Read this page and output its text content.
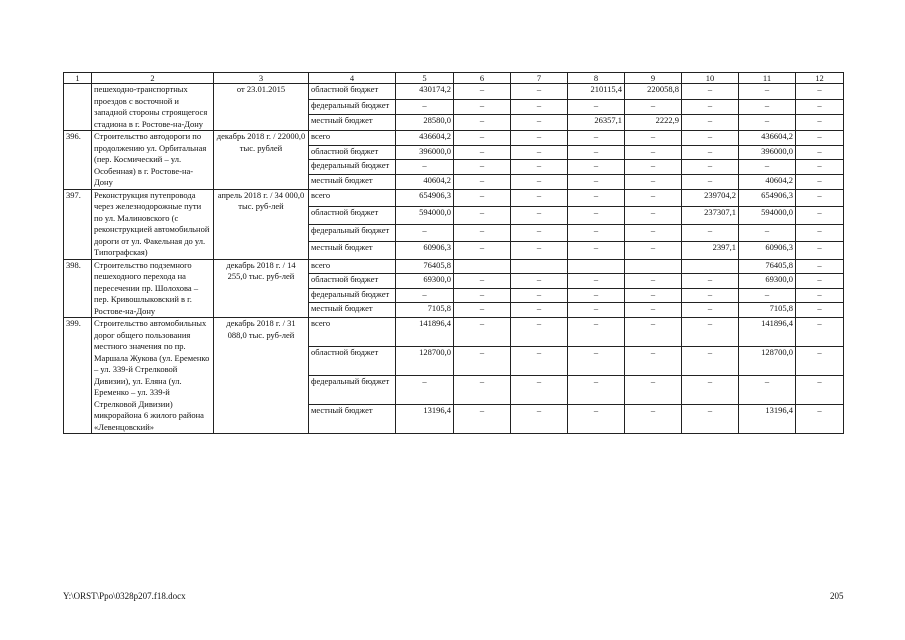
1	2	3	4	5	6	7	8	9	10	11	12
	пешеходно-транспортных проездов с восточной и западной стороны строящегося стадиона в г. Ростове-на-Дону	от 23.01.2015	областной бюджет	430174,2	–	–	210115,4	220058,8	–	–	–
			федеральный бюджет	–	–	–	–	–	–	–	–
			местный бюджет	28580,0	–	–	26357,1	2222,9	–	–	–
396.	Строительство автодороги по продолжению ул. Орбитальная (пер. Космический – ул. Особенная) в г. Ростове-на-Дону	декабрь 2018 г. / 22000,0 тыс. рублей	всего	436604,2	–	–	–	–	–	436604,2	–
			областной бюджет	396000,0	–	–	–	–	–	396000,0	–
			федеральный бюджет	–	–	–	–	–	–	–	–
			местный бюджет	40604,2	–	–	–	–	–	40604,2	–
397.	Реконструкция путепровода через железнодорожные пути по ул. Малиновского (с реконструкцией автомобильной дороги от ул. Факельная до ул. Типографская)	апрель 2018 г. / 34 000,0 тыс. руб-лей	всего	654906,3	–	–	–	–	239704,2	654906,3	–
			областной бюджет	594000,0	–	–	–	–	237307,1	594000,0	–
			федеральный бюджет	–	–	–	–	–	–	–	–
			местный бюджет	60906,3	–	–	–	–	2397,1	60906,3	–
398.	Строительство подземного пешеходного перехода на пересечении пр. Шолохова – пер. Кривошлыковский в г. Ростове-на-Дону	декабрь 2018 г. / 14 255,0 тыс. руб-лей	всего	76405,8						76405,8	–
			областной бюджет	69300,0	–	–	–	–	–	69300,0	–
			федеральный бюджет	–	–	–	–	–	–	–	–
			местный бюджет	7105,8	–	–	–	–	–	7105,8	–
399.	Строительство автомобильных дорог общего пользования местного значения по пр. Маршала Жукова (ул. Еременко – ул. 339-й Стрелковой Дивизии), ул. Еляна (ул. Еременко – ул. 339-й Стрелковой Дивизии) микрорайона 6 жилого района «Левенцовский»	декабрь 2018 г. / 31 088,0 тыс. руб-лей	всего	141896,4	–	–	–	–	–	141896,4	–
			областной бюджет	128700,0	–	–	–	–	–	128700,0	–
			федеральный бюджет	–	–	–	–	–	–	–	–
			местный бюджет	13196,4	–	–	–	–	–	13196,4	–
Y:\ORST\Ppo\0328p207.f18.docx	205
